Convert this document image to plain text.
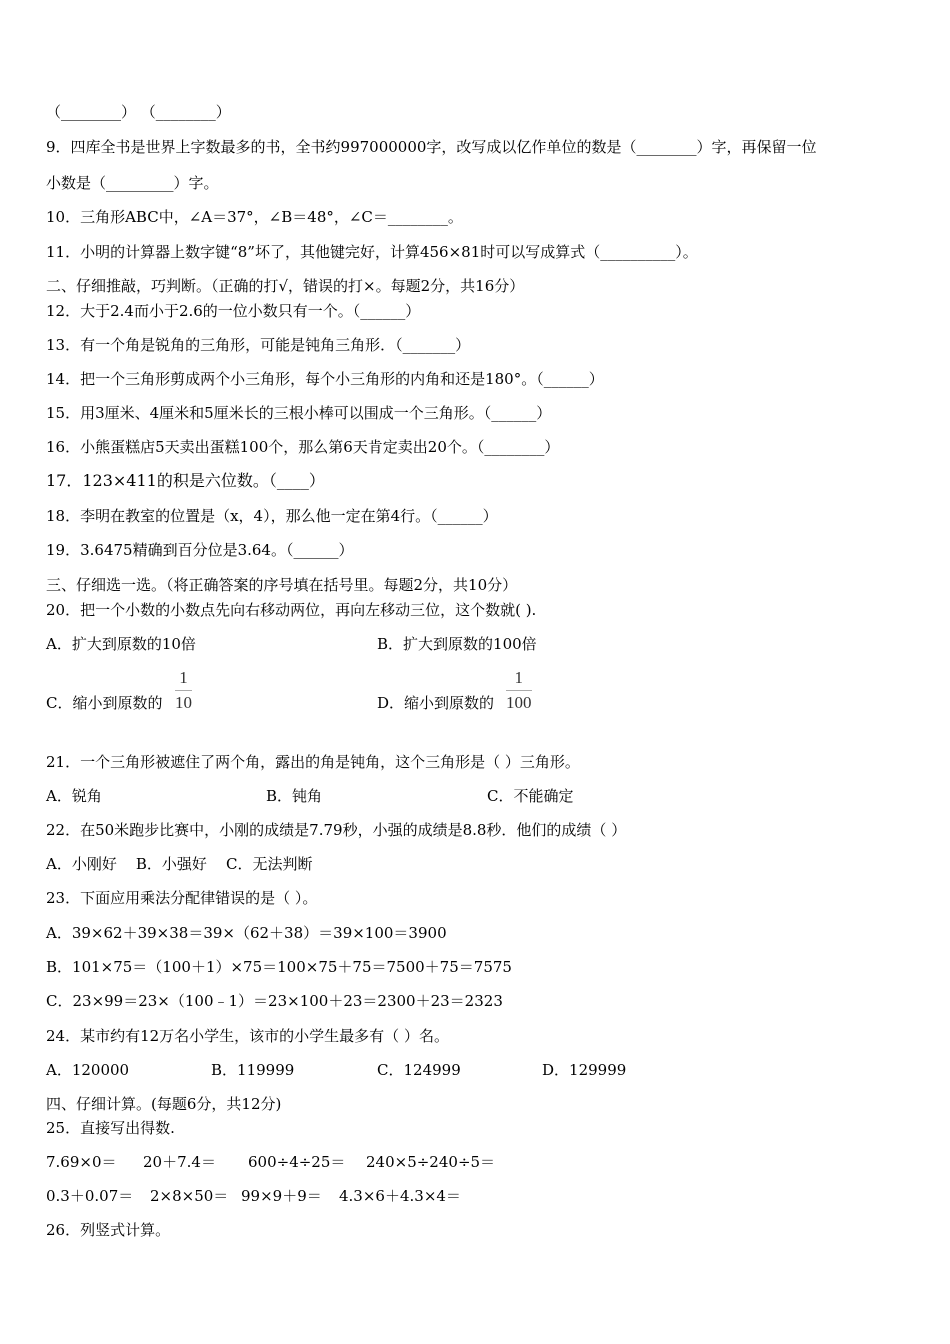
（________） （________）
9．四库全书是世界上字数最多的书，全书约997000000字，改写成以亿作单位的数是（________）字，再保留一位
小数是（_________）字。
10．三角形ABC中，∠A＝37°，∠B＝48°，∠C＝________。
11．小明的计算器上数字键“8”坏了，其他键完好，计算456×81时可以写成算式（__________）。
二、仔细推敲，巧判断。（正确的打√，错误的打×。每题2分，共16分）
12．大于2.4而小于2.6的一位小数只有一个。（______）
13．有一个角是锐角的三角形，可能是钝角三角形．（_______）
14．把一个三角形剪成两个小三角形，每个小三角形的内角和还是180°。（______）
15．用3厘米、4厘米和5厘米长的三根小棒可以围成一个三角形。（______）
16．小熊蛋糕店5天卖出蛋糕100个，那么第6天肯定卖出20个。（________）
17．123×411的积是六位数。（____）
18．李明在教室的位置是（x，4），那么他一定在第4行。（______）
19．3.6475精确到百分位是3.64。（______）
三、仔细选一选。（将正确答案的序号填在括号里。每题2分，共10分）
20．把一个小数的小数点先向右移动两位，再向左移动三位，这个数就( ).
A．扩大到原数的10倍	B．扩大到原数的100倍
C．缩小到原数的 $\frac{1}{10}$	D．缩小到原数的 $\frac{1}{100}$
21．一个三角形被遮住了两个角，露出的角是钝角，这个三角形是（ ）三角形。
A．锐角	B．钝角	C．不能确定
22．在50米跑步比赛中，小刚的成绩是7.79秒，小强的成绩是8.8秒．他们的成绩（ ）
A．小刚好    B．小强好    C．无法判断
23．下面应用乘法分配律错误的是（ ）。
A．39×62＋39×38＝39×（62＋38）＝39×100＝3900
B．101×75＝（100＋1）×75＝100×75＋75＝7500＋75＝7575
C．23×99＝23×（100﹣1）＝23×100＋23＝2300＋23＝2323
24．某市约有12万名小学生，该市的小学生最多有（ ）名。
A．120000	B．119999	C．124999	D．129999
四、仔细计算。(每题6分，共12分)
25．直接写出得数.
7.69×0＝ 20＋7.4＝ 600÷4÷25＝ 240×5÷240÷5＝
0.3＋0.07＝ 2×8×50＝ 99×9＋9＝ 4.3×6＋4.3×4＝
26．列竖式计算。
